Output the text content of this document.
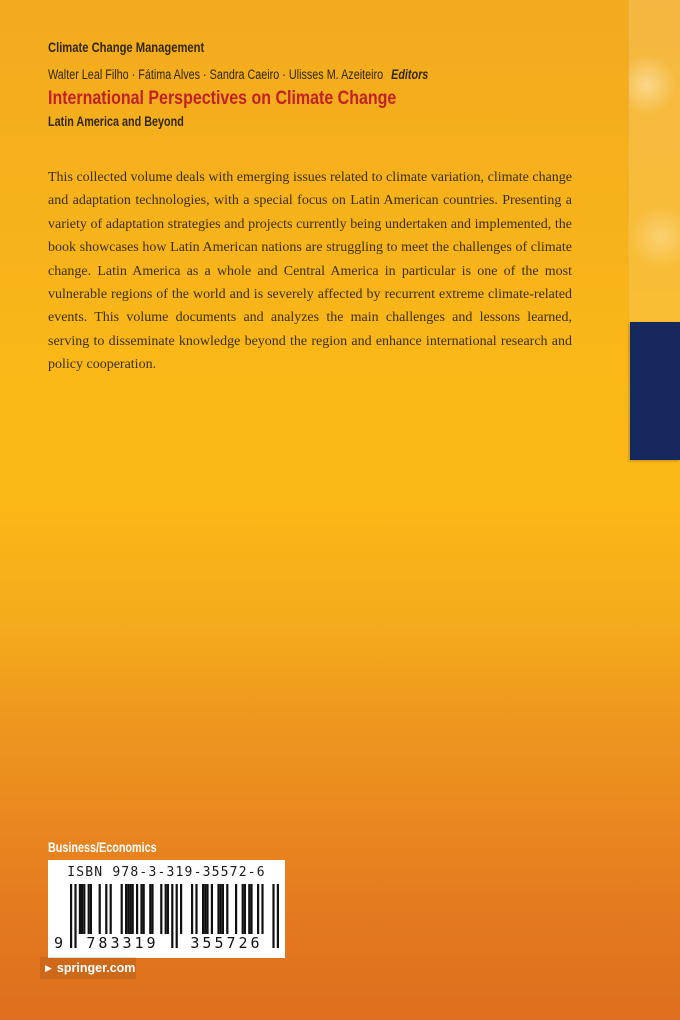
Climate Change Management
Walter Leal Filho · Fátima Alves · Sandra Caeiro · Ulisses M. Azeiteiro Editors
International Perspectives on Climate Change
Latin America and Beyond
This collected volume deals with emerging issues related to climate variation, climate change and adaptation technologies, with a special focus on Latin American countries. Presenting a variety of adaptation strategies and projects currently being undertaken and implemented, the book showcases how Latin American nations are struggling to meet the challenges of climate change. Latin America as a whole and Central America in particular is one of the most vulnerable regions of the world and is severely affected by recurrent extreme climate-related events. This volume documents and analyzes the main challenges and lessons learned, serving to disseminate knowledge beyond the region and enhance international research and policy cooperation.
Business/Economics
ISBN 978-3-319-35572-6
9	783319	355726
▶ springer.com
